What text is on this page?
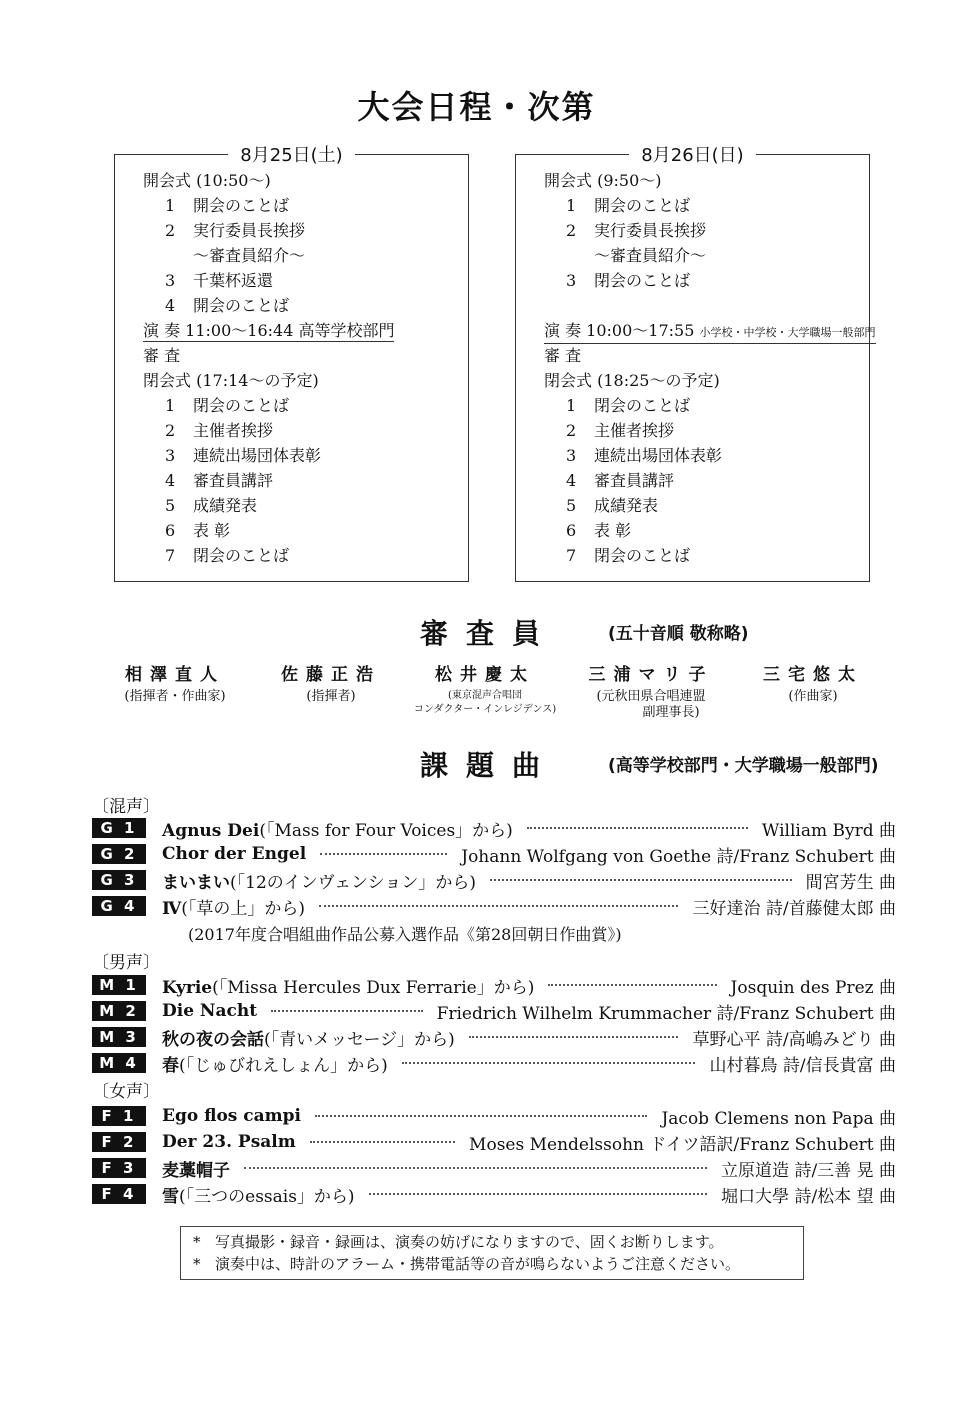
大会日程・次第
8月25日(土)
開会式 (10:50〜)
1 開会のことば
2 実行委員長挨拶
〜審査員紹介〜
3 千葉杯返還
4 開会のことば
演 奏 11:00〜16:44 高等学校部門
審 査
閉会式 (17:14〜の予定)
1 閉会のことば
2 主催者挨拶
3 連続出場団体表彰
4 審査員講評
5 成績発表
6 表 彰
7 閉会のことば
8月26日(日)
開会式 (9:50〜)
1 開会のことば
2 実行委員長挨拶
〜審査員紹介〜
3 閉会のことば
演 奏 10:00〜17:55 小学校・中学校・大学職場一般部門
審 査
閉会式 (18:25〜の予定)
1 閉会のことば
2 主催者挨拶
3 連続出場団体表彰
4 審査員講評
5 成績発表
6 表 彰
7 閉会のことば
審査員	(五十音順 敬称略)
相澤直人
(指揮者・作曲家)
佐藤正浩
(指揮者)
松井慶太
(東京混声合唱団
コンダクター・インレジデンス)
三浦マリ子
(元秋田県合唱連盟
副理事長)
三宅悠太
(作曲家)
課題曲	(高等学校部門・大学職場一般部門)
〔混声〕
G 1	Agnus Dei(「Mass for Four Voices」から)	William Byrd 曲
G 2	Chor der Engel	Johann Wolfgang von Goethe 詩/Franz Schubert 曲
G 3	まいまい(「12のインヴェンション」から)	間宮芳生 曲
G 4	Ⅳ(「草の上」から)	三好達治 詩/首藤健太郎 曲
(2017年度合唱組曲作品公募入選作品《第28回朝日作曲賞》)
〔男声〕
M 1	Kyrie(「Missa Hercules Dux Ferrarie」から)	Josquin des Prez 曲
M 2	Die Nacht	Friedrich Wilhelm Krummacher 詩/Franz Schubert 曲
M 3	秋の夜の会話(「青いメッセージ」から)	草野心平 詩/高嶋みどり 曲
M 4	春(「じゅびれえしょん」から)	山村暮鳥 詩/信長貴富 曲
〔女声〕
F 1	Ego flos campi	Jacob Clemens non Papa 曲
F 2	Der 23. Psalm	Moses Mendelssohn ドイツ語訳/Franz Schubert 曲
F 3	麦藁帽子	立原道造 詩/三善 晃 曲
F 4	雪(「三つのessais」から)	堀口大學 詩/松本 望 曲
* 写真撮影・録音・録画は、演奏の妨げになりますので、固くお断りします。
* 演奏中は、時計のアラーム・携帯電話等の音が鳴らないようご注意ください。
